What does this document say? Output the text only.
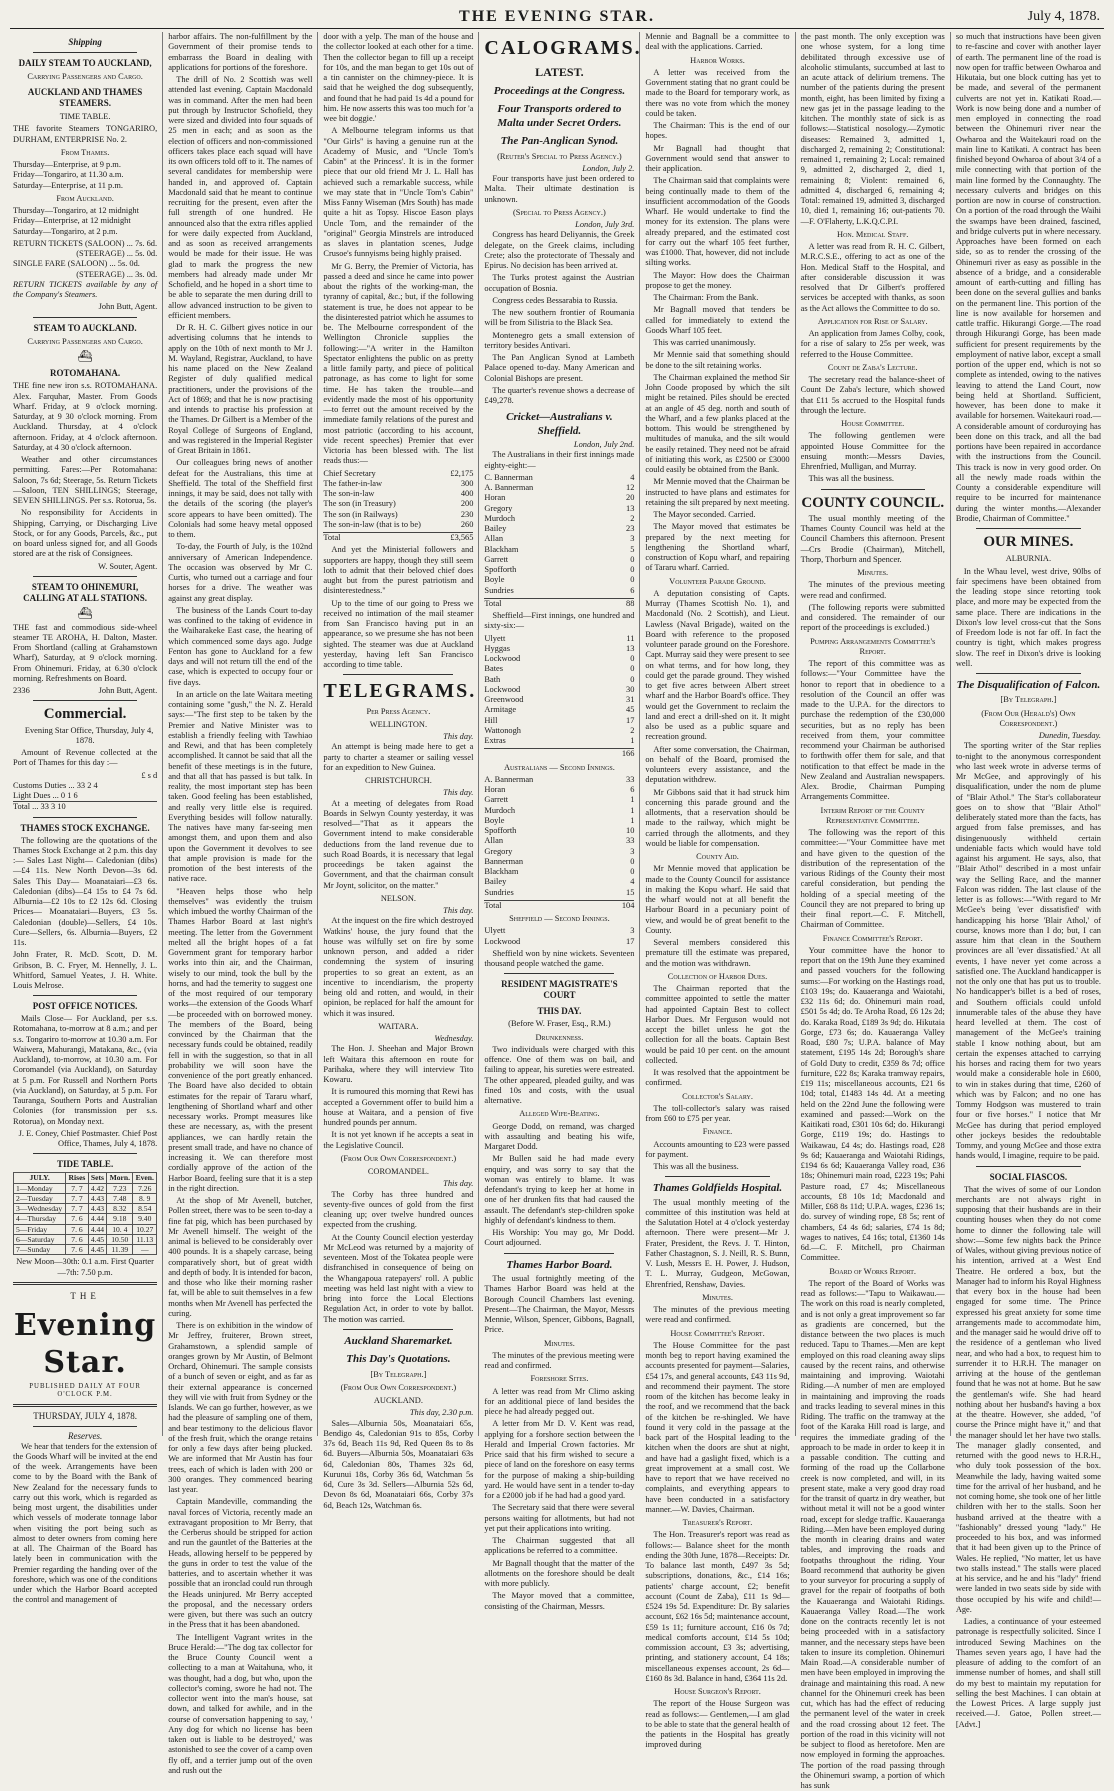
THE EVENING STAR.	July 4, 1878.
Shipping
DAILY STEAM TO AUCKLAND,
Carrying Passengers and Cargo.
AUCKLAND AND THAMES STEAMERS.
TIME TABLE.

THE favorite Steamers TONGARIRO, DURHAM, ENTERPRISE No. 2.

From Thames.
Thursday—Enterprise, at 9 p.m.
Friday—Tongariro, at 11.30 a.m.
Saturday—Enterprise, at 11 p.m.
From Auckland.
Thursday—Tongariro, at 12 midnight
Friday—Enterprise, at 12 midnight
Saturday—Tongariro, at 2 p.m.
RETURN TICKETS (SALOON) ... 7s. 6d.
(STEERAGE) ... 5s. 0d.
SINGLE FARE (SALOON) ... 5s. 0d.
(STEERAGE) ... 3s. 0d.

RETURN TICKETS available by any of the Company's Steamers.

John Butt, Agent.
STEAM TO AUCKLAND.
Carrying Passengers and Cargo.
⛴
ROTOMAHANA.

THE fine new iron s.s. ROTOMAHANA. Alex. Farquhar, Master. From Goods Wharf. Friday, at 9 o'clock morning. Saturday, at 9 30 o'clock morning. From Auckland. Thursday, at 4 o'clock afternoon. Friday, at 4 o'clock afternoon. Saturday, at 4 30 o'clock afternoon.

Weather and other circumstances permitting. Fares:—Per Rotomahana: Saloon, 7s 6d; Steerage, 5s. Return Tickets—Saloon, TEN SHILLINGS; Steerage, SEVEN SHILLINGS. Per s.s. Rotorua, 5s.

No responsibility for Accidents in Shipping, Carrying, or Discharging Live Stock, or for any Goods, Parcels, &c., put on board unless signed for, and all Goods stored are at the risk of Consignees.

W. Souter, Agent.
STEAM TO OHINEMURI, CALLING AT ALL STATIONS.
⛴

THE fast and commodious side-wheel steamer TE AROHA, H. Dalton, Master. From Shortland (calling at Grahamstown Wharf), Saturday, at 9 o'clock morning. From Ohinemuri. Friday, at 6.30 o'clock morning. Refreshments on Board.

2336	John Butt, Agent.
Commercial.

Evening Star Office, Thursday, July 4, 1878.

Amount of Revenue collected at the Port of Thames for this day :—

£ s d
Customs Duties ... 33 2 4
Light Dues ... 0 1 6
Total ... 33 3 10
THAMES STOCK EXCHANGE.

The following are the quotations of the Thames Stock Exchange at 2 p.m. this day :— Sales Last Night— Caledonian (dibs)—£4 11s. New North Devon—3s 6d. Sales This Day— Moanataiari—£3 6s. Caledonian (dibs)—£4 15s to £4 7s 6d. Alburnia—£2 10s to £2 12s 6d. Closing Prices— Moanataiari—Buyers, £3 5s. Caledonian (double)—Sellers, £4 10s. Cure—Sellers, 6s. Alburnia—Buyers, £2 11s.

John Frater, R. McD. Scott, D. M. Gribson, B. C. Fryer, M. Hennelly, J. L. Whitford, Samuel Yeates, J. H. White. Louis Melrose.

POST OFFICE NOTICES.

Mails Close— For Auckland, per s.s. Rotomahana, to-morrow at 8 a.m.; and per s.s. Tongariro to-morrow at 10.30 a.m. For Waiwera, Mahurangi, Matakana, &c., (via Auckland), to-morrow, at 10.30 a.m. For Coromandel (via Auckland), on Saturday at 5 p.m. For Russell and Northern Ports (via Auckland), on Saturday, at 5 p.m. For Tauranga, Southern Ports and Australian Colonies (for transmission per s.s. Rotorua), on Monday next.

J. E. Coney, Chief Postmaster. Chief Post Office, Thames, July 4, 1878.

TIDE TABLE.
JULY.	Rises	Sets	Morn.	Even.
1—Monday	7. 7	4.42	7.23	7.26
2—Tuesday	7. 7	4.43	7.48	8. 9
3—Wednesday	7. 7	4.43	8.32	8.54
4—Thursday	7. 6	4.44	9.18	9.40
5—Friday	7. 6	4.44	10. 4	10.27
6—Saturday	7. 6	4.45	10.50	11.13
7—Sunday	7. 6	4.45	11.39	—

New Moon—30th: 0.1 a.m. First Quarter—7th: 7.50 p.m.

THE
Evening Star.
PUBLISHED DAILY AT FOUR O'CLOCK P.M.
THURSDAY, JULY 4, 1878.
Reserves.

We hear that tenders for the extension of the Goods Wharf will be invited at the end of the week. Arrangements have been come to by the Board with the Bank of New Zealand for the necessary funds to carry out this work, which is regarded as being most urgent, the disabilities under which vessels of moderate tonnage labor when visiting the port being such as almost to deter owners from coming here at all. The Chairman of the Board has lately been in communication with the Premier regarding the handing over of the foreshore, which was one of the conditions under which the Harbor Board accepted the control and management of

harbor affairs. The non-fulfillment by the Government of their promise tends to embarrass the Board in dealing with applications for portions of the foreshore.

The drill of No. 2 Scottish was well attended last evening. Captain Macdonald was in command. After the men had been put through by Instructor Schofield, they were sized and divided into four squads of 25 men in each; and as soon as the election of officers and non-commissioned officers takes place each squad will have its own officers told off to it. The names of several candidates for membership were handed in, and approved of. Captain Macdonald said that he meant to continue recruiting for the present, even after the full strength of one hundred. He announced also that the extra rifles applied for were daily expected from Auckland, and as soon as received arrangements would be made for their issue. He was glad to mark the progress the new members had already made under Mr Schofield, and he hoped in a short time to be able to separate the men during drill to allow advanced instruction to be given to efficient members.

Dr R. H. C. Gilbert gives notice in our advertising columns that he intends to apply on the 10th of next month to Mr J. M. Wayland, Registrar, Auckland, to have his name placed on the New Zealand Register of duly qualified medical practitioners, under the provisions of the Act of 1869; and that he is now practising and intends to practise his profession at the Thames. Dr Gilbert is a Member of the Royal College of Surgeons of England, and was registered in the Imperial Register of Great Britain in 1861.

Our colleagues bring news of another defeat for the Australians, this time at Sheffield. The total of the Sheffield first innings, it may be said, does not tally with the details of the scoring (the player's score appears to have been omitted). The Colonials had some heavy metal opposed to them.

To-day, the Fourth of July, is the 102nd anniversary of American Independence. The occasion was observed by Mr C. Curtis, who turned out a carriage and four horses for a drive. The weather was against any great display.

The business of the Lands Court to-day was confined to the taking of evidence in the Waiharakeke East case, the hearing of which commenced some days ago. Judge Fenton has gone to Auckland for a few days and will not return till the end of the case, which is expected to occupy four or five days.

In an article on the late Waitara meeting containing some "gush," the N. Z. Herald says:—"The first step to be taken by the Premier and Native Minister was to establish a friendly feeling with Tawhiao and Rewi, and that has been completely accomplished. It cannot be said that all the benefit of these meetings is in the future, and that all that has passed is but talk. In reality, the most important step has been taken. Good feeling has been established, and really very little else is required. Everything besides will follow naturally. The natives have many far-seeing men amongst them, and upon them and also upon the Government it devolves to see that ample provision is made for the promotion of the best interests of the native race.

"Heaven helps those who help themselves" was evidently the truism which imbued the worthy Chairman of the Thames Harbor Board at last night's meeting. The letter from the Government melted all the bright hopes of a fat Government grant for temporary harbor works into thin air, and the Chairman, wisely to our mind, took the bull by the horns, and had the temerity to suggest one of the most required of our temporary works—the extension of the Goods Wharf—be proceeded with on borrowed money. The members of the Board, being convinced by the Chairman that the necessary funds could be obtained, readily fell in with the suggestion, so that in all probability we will soon have the convenience of the port greatly enhanced. The Board have also decided to obtain estimates for the repair of Tararu wharf, lengthening of Shortland wharf and other necessary works. Prompt measures like these are necessary, as, with the present appliances, we can hardly retain the present small trade, and have no chance of increasing it. We can therefore most cordially approve of the action of the Harbor Board, feeling sure that it is a step in the right direction.

At the shop of Mr Avenell, butcher, Pollen street, there was to be seen to-day a fine fat pig, which has been purchased by Mr Avenell himself. The weight of the animal is believed to be considerably over 400 pounds. It is a shapely carcase, being comparatively short, but of great width and depth of body. It is intended for bacon, and those who like their morning rasher fat, will be able to suit themselves in a few months when Mr Avenell has perfected the curing.

There is on exhibition in the window of Mr Jeffrey, fruiterer, Brown street, Grahamstown, a splendid sample of oranges grown by Mr Austin, of Belmont Orchard, Ohinemuri. The sample consists of a bunch of seven or eight, and as far as their external appearance is concerned they will vie with fruit from Sydney or the Islands. We can go further, however, as we had the pleasure of sampling one of them, and bear testimony to the delicious flavor of the fresh fruit, which the orange retains for only a few days after being plucked. We are informed that Mr Austin has four trees, each of which is laden with 200 or 300 oranges. They commenced bearing last year.

Captain Mandeville, commanding the naval forces of Victoria, recently made an extravagant proposition to Mr Berry, that the Cerberus should be stripped for action and run the gauntlet of the Batteries at the Heads, allowing herself to be peppered by the guns in order to test the value of the batteries, and to ascertain whether it was possible that an ironclad could run through the Heads uninjured. Mr Berry accepted the proposal, and the necessary orders were given, but there was such an outcry in the Press that it has been abandoned.

The Intelligent Vagrant writes in the Bruce Herald:—"The dog tax collector for the Bruce County Council went a collecting to a man at Waitahuna, who, it was thought, had a dog, but who, upon the collector's coming, swore he had not. The collector went into the man's house, sat down, and talked for awhile, and in the course of conversation happening to say, ' Any dog for which no license has been taken out is liable to be destroyed,' was astonished to see the cover of a camp oven fly off, and a terrier jump out of the oven and rush out the

door with a yelp. The man of the house and the collector looked at each other for a time. Then the collector began to fill up a receipt for 10s, and the man began to get 10s out of a tin cannister on the chimney-piece. It is said that he weighed the dog subsequently, and found that he had paid 1s 4d a pound for him. He now asserts this was too much for 'a wee bit doggie.'

A Melbourne telegram informs us that "Our Girls" is having a genuine run at the Academy of Music, and "Uncle Tom's Cabin" at the Princess'. It is in the former piece that our old friend Mr J. L. Hall has achieved such a remarkable success, while we may state that in "Uncle Tom's Cabin" Miss Fanny Wiseman (Mrs South) has made quite a hit as Topsy. Hiscoe Eason plays Uncle Tom, and the remainder of the "original" Georgia Minstrels are introduced as slaves in plantation scenes, Judge Crusoe's funnyisms being highly praised.

Mr G. Berry, the Premier of Victoria, has passed a deed and since he came into power about the rights of the working-man, the tyranny of capital, &c.; but, if the following statement is true, he does not appear to be the disinterested patriot which he assumes to be. The Melbourne correspondent of the Wellington Chronicle supplies the following:—"A writer in the Hamilton Spectator enlightens the public on as pretty a little family party, and piece of political patronage, as has come to light for some time. He has taken the trouble—and evidently made the most of his opportunity—to ferret out the amount received by the immediate family relations of the purest and most patriotic (according to his account, vide recent speeches) Premier that ever Victoria has been blessed with. The list reads thus:—

Chief Secretary	£2,175
The father-in-law	300
The son-in-law	400
The son (in Treasury)	200
The son (in Railways)	230
The son-in-law (that is to be)	260
Total	£3,565

And yet the Ministerial followers and supporters are happy, though they still seem loth to admit that their beloved chief does aught but from the purest patriotism and disinterestedness."

Up to the time of our going to Press we received no intimation of the mail steamer from San Francisco having put in an appearance, so we presume she has not been sighted. The steamer was due at Auckland yesterday, having left San Francisco according to time table.

TELEGRAMS.
Per Press Agency.
WELLINGTON.
This day.

An attempt is being made here to get a party to charter a steamer or sailing vessel for an expedition to New Guinea.

CHRISTCHURCH.
This day.

At a meeting of delegates from Road Boards in Selwyn County yesterday, it was resolved—"That as it appears the Government intend to make considerable deductions from the land revenue due to such Road Boards, it is necessary that legal proceedings be taken against the Government, and that the chairman consult Mr Joynt, solicitor, on the matter."

NELSON.
This day.

At the inquest on the fire which destroyed Watkins' house, the jury found that the house was wilfully set on fire by some unknown person, and added a rider condemning the system of insuring properties to so great an extent, as an incentive to incendiarism, the property being old and rotten, and would, in their opinion, be replaced for half the amount for which it was insured.

WAITARA.
Wednesday.

The Hon. J. Sheehan and Major Brown left Waitara this afternoon en route for Parihaka, where they will interview Tito Kowaru.

It is rumoured this morning that Rewi has accepted a Government offer to build him a house at Waitara, and a pension of five hundred pounds per annum.

It is not yet known if he accepts a seat in the Legislative Council.

(From Our Own Correspondent.)
COROMANDEL.
This day.

The Corby has three hundred and seventy-five ounces of gold from the first cleaning up; over twelve hundred ounces expected from the crushing.

At the County Council election yesterday Mr McLeod was returned by a majority of seventeen. Most of the Tokatea people were disfranchised in consequence of being on the Whangapoua ratepayers' roll. A public meeting was held last night with a view to bring into force the Local Elections Regulation Act, in order to vote by ballot. The motion was carried.

Auckland Sharemarket.
This Day's Quotations.
[By Telegraph.]
(From Our Own Correspondent.)
AUCKLAND.
This day, 2.30 p.m.

Sales—Alburnia 50s, Moanataiari 65s, Bendigo 4s, Caledonian 91s to 85s, Corby 37s 6d, Beach 11s 9d, Red Queen 8s to 8s 6d. Buyers—Alburnia 50s, Moanataiari 63s 6d, Caledonian 80s, Thames 32s 6d, Kurunui 18s, Corby 36s 6d, Watchman 5s 6d, Cure 3s 3d. Sellers—Alburnia 52s 6d, Devon 8s 6d, Moanataiari 66s, Corby 37s 6d, Beach 12s, Watchman 6s.

CALOGRAMS.
LATEST.
Proceedings at the Congress.
Four Transports ordered to Malta under Secret Orders.
The Pan-Anglican Synod.
(Reuter's Special to Press Agency.)
London, July 2.

Four transports have just been ordered to Malta. Their ultimate destination is unknown.

(Special to Press Agency.)
London, July 3rd.

Congress has heard Deliyannis, the Greek delegate, on the Greek claims, including Crete; also the protectorate of Thessaly and Epirus. No decision has been arrived at.

The Turks protest against the Austrian occupation of Bosnia.

Congress cedes Bessarabia to Russia.

The new southern frontier of Roumania will be from Silistria to the Black Sea.

Montenegro gets a small extension of territory besides Antivari.

The Pan Anglican Synod at Lambeth Palace opened to-day. Many American and Colonial Bishops are present.

The quarter's revenue shows a decrease of £49,278.

Cricket—Australians v. Sheffield.
London, July 2nd.

The Australians in their first innings made eighty-eight:—

C. Bannerman	4
A. Bannerman	12
Horan	20
Gregory	13
Murdoch	2
Bailey	23
Allan	3
Blackham	5
Garrett	0
Spofforth	0
Boyle	0
Sundries	6
Total	88

Sheffield—First innings, one hundred and sixty-six:—

Ulyett	11
Hyggas	13
Lockwood	0
Bates	0
Bath	0
Lockwood	30
Greenwood	31
Armitage	45
Hill	17
Wattonogh	2
Extras	1
166
Australians — Second Innings.
A. Bannerman	33
Horan	6
Garrett	1
Murdoch	1
Boyle	1
Spofforth	10
Allan	33
Gregory	3
Bannerman	0
Blackham	0
Bailey	4
Sundries	15
Total	104
Sheffield — Second Innings.
Ulyett	3
Lockwood	17

Sheffield won by nine wickets. Seventeen thousand people watched the game.

RESIDENT MAGISTRATE'S COURT
THIS DAY.
(Before W. Fraser, Esq., R.M.)
Drunkenness.

Two individuals were charged with this offence. One of them was on bail, and failing to appear, his sureties were estreated. The other appeared, pleaded guilty, and was fined 10s and costs, with the usual alternative.

Alleged Wife-Beating.

George Dodd, on remand, was charged with assaulting and beating his wife, Margaret Dodd.

Mr Bullen said he had made every enquiry, and was sorry to say that the woman was entirely to blame. It was defendant's trying to keep her at home in one of her drunken fits that had caused the assault. The defendant's step-children spoke highly of defendant's kindness to them.

His Worship: You may go, Mr Dodd. Court adjourned.

Thames Harbor Board.

The usual fortnightly meeting of the Thames Harbor Board was held at the Borough Council Chambers last evening. Present—The Chairman, the Mayor, Messrs Mennie, Wilson, Spencer, Gibbons, Bagnall, Price.

Minutes.

The minutes of the previous meeting were read and confirmed.

Foreshore Sites.

A letter was read from Mr Climo asking for an additional piece of land besides the piece he had already pegged out.

A letter from Mr D. V. Kent was read, applying for a forshore section between the Herald and Imperial Crown factories. Mr Price said that his firm wished to secure a piece of land on the foreshore on easy terms for the purpose of making a ship-building yard. He would have sent in a tender to-day for a £2000 job if he had had a good yard.

The Secretary said that there were several persons waiting for allotments, but had not yet put their applications into writing.

The Chairman suggested that all applications be referred to a committee.

Mr Bagnall thought that the matter of the allotments on the foreshore should be dealt with more publicly.

The Mayor moved that a committee, consisting of the Chairman, Messrs.

Mennie and Bagnall be a committee to deal with the applications. Carried.

Harbor Works.

A letter was received from the Government stating that no grant could be made to the Board for temporary work, as there was no vote from which the money could be taken.

The Chairman: This is the end of our hopes.

Mr Bagnall had thought that Government would send that answer to their application.

The Chairman said that complaints were being continually made to them of the insufficient accommodation of the Goods Wharf. He would undertake to find the money for its extension. The plans were already prepared, and the estimated cost for carry out the wharf 105 feet further, was £1000. That, however, did not include silting works.

The Mayor: How does the Chairman propose to get the money.

The Chairman: From the Bank.

Mr Bagnall moved that tenders be called for immediately to extend the Goods Wharf 105 feet.

This was carried unanimously.

Mr Mennie said that something should be done to the silt retaining works.

The Chairman explained the method Sir John Coode proposed by which the silt might be retained. Piles should be erected at an angle of 45 deg. north and south of the Wharf, and a few planks placed at the bottom. This would be strengthened by multitudes of manuka, and the silt would be easily retained. They need not be afraid of initiating this work, as £2500 or £3000 could easily be obtained from the Bank.

Mr Mennie moved that the Chairman be instructed to have plans and estimates for retaining the silt prepared by next meeting.

The Mayor seconded. Carried.

The Mayor moved that estimates be prepared by the next meeting for lengthening the Shortland wharf, construction of Kopu wharf, and repairing of Tararu wharf. Carried.

Volunteer Parade Ground.

A deputation consisting of Capts. Murray (Thames Scottish No. 1), and Macdonald (No. 2 Scottish), and Lieut. Lawless (Naval Brigade), waited on the Board with reference to the proposed volunteer parade ground on the Foreshore. Capt. Murray said they were present to see on what terms, and for how long, they could get the parade ground. They wished to get five acres between Albert street wharf and the Harbor Board's office. They would get the Government to reclaim the land and erect a drill-shed on it. It might also be used as a public square and recreation ground.

After some conversation, the Chairman, on behalf of the Board, promised the volunteers every assistance, and the deputation withdrew.

Mr Gibbons said that it had struck him concerning this parade ground and the allotments, that a reservation should be made to the railway, which might be carried through the allotments, and they would be liable for compensation.

County Aid.

Mr Mennie moved that application be made to the County Council for assistance in making the Kopu wharf. He said that the wharf would not at all benefit the Harbour Board in a pecuniary point of view, and would be of great benefit to the County.

Several members considered this premature till the estimate was prepared, and the motion was withdrawn.

Collection of Harbor Dues.

The Chairman reported that the committee appointed to settle the matter had appointed Captain Best to collect Harbor Dues. Mr Ferguson would not accept the billet unless he got the collection for all the boats. Captain Best would be paid 10 per cent. on the amount collected.

It was resolved that the appointment be confirmed.

Collector's Salary.

The toll-collector's salary was raised from £60 to £75 per year.

Finance.

Accounts amounting to £23 were passed for payment.

This was all the business.

Thames Goldfields Hospital.

The usual monthly meeting of the committee of this institution was held at the Salutation Hotel at 4 o'clock yesterday afternoon. There were present—Mr J. Frater, President, the Revs. J. T. Hinton, Father Chastagnon, S. J. Neill, R. S. Bunn, V. Lush, Messrs E. H. Power, J. Hudson, T. L. Murray, Gudgeon, McGowan, Ehrenfried, Renshaw, Davies.

Minutes.

The minutes of the previous meeting were read and confirmed.

House Committee's Report.

The House Committee for the past month beg to report having examined the accounts presented for payment—Salaries, £54 17s, and general accounts, £43 11s 9d, and recommend their payment. The store room of the kitchen has become leaky in the roof, and we recommend that the back of the kitchen be re-shingled. We have found it very cold in the passage at the back part of the Hospital leading to the kitchen when the doors are shut at night, and have had a gaslight fixed, which is a great improvement at a small cost. We have to report that we have received no complaints, and everything appears to have been conducted in a satisfactory manner.—W. Davies, Chairman.

Treasurer's Report.

The Hon. Treasurer's report was read as follows:— Balance sheet for the month ending the 30th June, 1878—Receipts: Dr. To balance last month, £497 3s 5d; subscriptions, donations, &c., £14 16s; patients' charge account, £2; benefit account (Count de Zaba), £11 1s 9d—£524 19s 5d. Expenditure: Dr. By salaries account, £62 16s 5d; maintenance account, £59 1s 11; furniture account, £16 0s 7d; medical comforts account, £14 5s 10d; commission account, £3 3s; advertising, printing, and stationery account, £4 18s; miscellaneous expenses account, 2s 6d—£160 8s 3d. Balance in hand, £364 11s 2d.

House Surgeon's Report.

The report of the House Surgeon was read as follows:— Gentlemen,—I am glad to be able to state that the general health of the patients in the Hospital has greatly improved during

the past month. The only exception was one whose system, for a long time debilitated through excessive use of alcoholic stimulants, succumbed at last to an acute attack of delirium tremens. The number of the patients during the present month, eight, has been limited by fixing a new gas jet in the passage leading to the kitchen. The monthly state of sick is as follows:—Statistical nosology.—Zymotic diseases: Remained 3, admitted 1, discharged 2, remaining 2; Constitutional: remained 1, remaining 2; Local: remained 9, admitted 2, discharged 2, died 1, remaining 8; Violent: remained 6, admitted 4, discharged 6, remaining 4; Total: remained 19, admitted 3, discharged 10, died 1, remaining 16; out-patients 70.—F. O'Flaherty, L.K.Q.C.P.I.

Hon. Medical Staff.

A letter was read from R. H. C. Gilbert, M.R.C.S.E., offering to act as one of the Hon. Medical Staff to the Hospital, and after considerable discussion it was resolved that Dr Gilbert's proffered services be accepted with thanks, as soon as the Act allows the Committee to do so.

Application for Rise of Salary.

An application from James Colby, cook, for a rise of salary to 25s per week, was referred to the House Committee.

Count de Zaba's Lecture.

The secretary read the balance-sheet of Count De Zaba's lecture, which showed that £11 5s accrued to the Hospital funds through the lecture.

House Committee.

The following gentlemen were appointed House Committee for the ensuing month:—Messrs Davies, Ehrenfried, Mulligan, and Murray.

This was all the business.

COUNTY COUNCIL.

The usual monthly meeting of the Thames County Council was held at the Council Chambers this afternoon. Present—Crs Brodie (Chairman), Mitchell, Thorp, Thorburn and Spencer.

Minutes.

The minutes of the previous meeting were read and confirmed.

(The following reports were submitted and considered. The remainder of our report of the proceedings is excluded.)

Pumping Arrangements Committee's Report.

The report of this committee was as follows:—"Your Committee have the honor to report that in obedience to a resolution of the Council an offer was made to the U.P.A. for the directors to purchase the redemption of the £30,000 securities, but as no reply has been received from them, your committee recommend your Chairman be authorised to forthwith offer them for sale, and that notification to that effect be made in the New Zealand and Australian newspapers. Alex. Brodie, Chairman Pumping Arrangements Committee.

Interim Report of the County Representative Committee.

The following was the report of this committee:—"Your Committee have met and have given to the question of the distribution of the representation of the various Ridings of the County their most careful consideration, but pending the holding of a special meeting of the Council they are not prepared to bring up their final report.—C. F. Mitchell, Chairman of Committee.

Finance Committee's Report.

Your committee have the honor to report that on the 19th June they examined and passed vouchers for the following sums:—For working on the Hastings road, £103 19s; do. Kauaeranga and Waiotahi, £32 11s 6d; do. Ohinemuri main road, £501 5s 4d; do. Te Aroha Road, £6 12s 2d; do. Karaka Road, £189 3s 9d; do. Hikutaia Gorge, £73 6s; do. Kauaeranga Valley Road, £80 7s; U.P.A. balance of May statement, £195 14s 2d; Borough's share of Gold Duty to credit, £359 8s 7d; office furniture, £22 8s; Karaka tramway repairs, £19 11s; miscellaneous accounts, £21 6s 10d; total, £1483 14s 4d. At a meeting held on the 22nd June the following were examined and passed:—Work on the Kaitikati road, £301 10s 6d; do. Hikurangi Gorge, £119 19s; do. Hastings to Waikawau, £4 4s; do. Hastings road, £28 9s 6d; Kauaeranga and Waiotahi Ridings, £194 6s 6d; Kauaeranga Valley road, £36 18s; Ohinemuri main road, £223 19s; Pahi Pasture road, £7 4s; Miscellaneous accounts, £8 10s 1d; Macdonald and Miller, £68 8s 11d; U.P.A. wages, £236 1s; do. survey of winding rope, £8 5s; rent of chambers, £4 4s 6d; salaries, £74 1s 8d; wages to natives, £4 16s; total, £1360 14s 6d.—C. F. Mitchell, pro Chairman Committee.

Board of Works Report.

The report of the Board of Works was read as follows:—"Tapu to Waikawau.—The work on this road is nearly completed, and is not only a great improvement so far as gradients are concerned, but the distance between the two places is much reduced. Tapu to Thames.—Men are kept employed on this road cleaning away slips caused by the recent rains, and otherwise maintaining and improving. Waiotahi Riding.—A number of men are employed in maintaining and improving the roads and tracks leading to several mines in this Riding. The traffic on the tramway at the foot of the Karaka Hill road is large, and requires the immediate grading of the approach to be made in order to keep it in a passable condition. The cutting and forming of the road up the Collarbone creek is now completed, and will, in its present state, make a very good dray road for the transit of quartz in dry weather, but without metal it will not be a good winter road, except for sledge traffic. Kauaeranga Riding.—Men have been employed during the month in clearing drains and water tables, and improving the roads and footpaths throughout the riding. Your Board recommend that authority be given to your surveyor for procuring a supply of gravel for the repair of footpaths of both the Kauaeranga and Waiotahi Ridings. Kauaeranga Valley Road.—The work done on the contracts recently let is not being proceeded with in a satisfactory manner, and the necessary steps have been taken to insure its completion. Ohinemuri Main Road.—A considerable number of men have been employed in improving the drainage and maintaining this road. A new channel for the Ohinemuri creek has been cut, which has had the effect of reducing the permanent level of the water in creek and the road crossing about 12 feet. The portion of the road in this vicinity will not be subject to flood as heretofore. Men are now employed in forming the approaches. The portion of the road passing through the Ohinemuri swamp, a portion of which has sunk

so much that instructions have been given to re-fascine and cover with another layer of earth. The permanent line of the road is now open for traffic between Owharoa and Hikutaia, but one block cutting has yet to be made, and several of the permanent culverts are not yet in. Katikati Road.—Work is now being done and a number of men employed in connecting the road between the Ohinemuri river near the Owharoa and the Waitekauri road on the main line to Katikati. A contract has been finished beyond Owharoa of about 3/4 of a mile connecting with that portion of the main line formed by the Connaughty. The necessary culverts and bridges on this portion are now in course of construction. On a portion of the road through the Waihi the swamps have been drained, fascined, and bridge culverts put in where necessary. Approaches have been formed on each side, so as to render the crossing of the Ohinemuri river as easy as possible in the absence of a bridge, and a considerable amount of earth-cutting and filling has been done on the several gullies and banks on the permanent line. This portion of the line is now available for horsemen and cattle traffic. Hikurangi Gorge.—The road through Hikurangi Gorge, has been made sufficient for present requirements by the employment of native labor, except a small portion of the upper end, which is not so complete as intended, owing to the natives leaving to attend the Land Court, now being held at Shortland. Sufficient, however, has been done to make it available for horsemen. Waitekauri road.—A considerable amount of corduroying has been done on this track, and all the bad portions have been repaired in accordance with the instructions from the Council. This track is now in very good order. On all the newly made roads within the County a considerable expenditure will require to be incurred for maintenance during the winter months.—Alexander Brodie, Chairman of Committee."

OUR MINES.
ALBURNIA.

In the Whau level, west drive, 90lbs of fair specimens have been obtained from the leading stope since retorting took place, and more may be expected from the same place. There are indications in the Dixon's low level cross-cut that the Sons of Freedom lode is not far off. In fact the country is tight, which makes progress slow. The reef in Dixon's drive is looking well.

The Disqualification of Falcon.
[By Telegraph.]
(From Our (Herald's) Own Correspondent.)
Dunedin, Tuesday.

The sporting writer of the Star replies to-night to the anonymous correspondent who last week wrote in adverse terms of Mr McGee, and approvingly of his disqualification, under the nom de plume of "Blair Athol." The Star's collaborateur goes on to show that "Blair Athol" deliberately stated more than the facts, has argued from false premisses, and has disingenuously withheld certain undeniable facts which would have told against his argument. He says, also, that "Blair Athol" described in a most unfair way the Selling Race, and the manner Falcon was ridden. The last clause of the letter is as follows:—"With regard to Mr McGee's being 'ever dissatisfied' with handicapping his horse 'Blair Athol,' of course, knows more than I do; but, I can assure him that clean in the Southern provinces are all 'ever dissatisfied.' At all events, I have never yet come across a satisfied one. The Auckland handicapper is not the only one that has put us to trouble. No handicapper's billet is a bed of roses, and Southern officials could unfold innumerable tales of the abuse they have heard levelled at them. The cost of management of the McGee's training stable I know nothing about, but am certain the expenses attached to carrying his horses and racing them for two years would make a considerable hole in £600, to win in stakes during that time, £260 of which was by Falcon; and no one has Tommy Hodgson was mustered to train four or five horses." I notice that Mr McGee has during that period employed other jockeys besides the redoubtable Tommy, and young McGee and those extra hands would, I imagine, require to be paid.

SOCIAL FIASCOS.

That the wives of some of our London merchants are not always right in supposing that their husbands are in their counting houses when they do not come home to dinner the following tale will show:—Some few nights back the Prince of Wales, without giving previous notice of his intention, arrived at a West End Theatre. He ordered a box, but the Manager had to inform his Royal Highness that every box in the house had been engaged for some time. The Prince expressed his great anxiety for some time arrangements made to accommodate him, and the manager said he would drive off to the residence of a gentleman who lived near, and who had a box, to request him to surrender it to H.R.H. The manager on arriving at the house of the gentleman found that he was not at home. But he saw the gentleman's wife. She had heard nothing about her husband's having a box at the theatre. However, she added, "of course the Prince might have it," and that the manager should let her have two stalls. The manager gladly consented, and returned with the good news to H.R.H., who duly took possession of the box. Meanwhile the lady, having waited some time for the arrival of her husband, and he not coming home, she took one of her little children with her to the stalls. Soon her husband arrived at the theatre with a "fashionably" dressed young "lady." He proceeded to his box, and was informed that it had been given up to the Prince of Wales. He replied, "No matter, let us have two stalls instead." The stalls were placed at his service, and he and his "lady" friend were landed in two seats side by side with those occupied by his wife and child!—Age.

Ladies, a continuance of your esteemed patronage is respectfully solicited. Since I introduced Sewing Machines on the Thames seven years ago, I have had the pleasure of adding to the comfort of an immense number of homes, and shall still do my best to maintain my reputation for selling the best Machines. I can obtain at the Lowest Prices. A large supply just received.—J. Gatoe, Pollen street.—[Advt.]
